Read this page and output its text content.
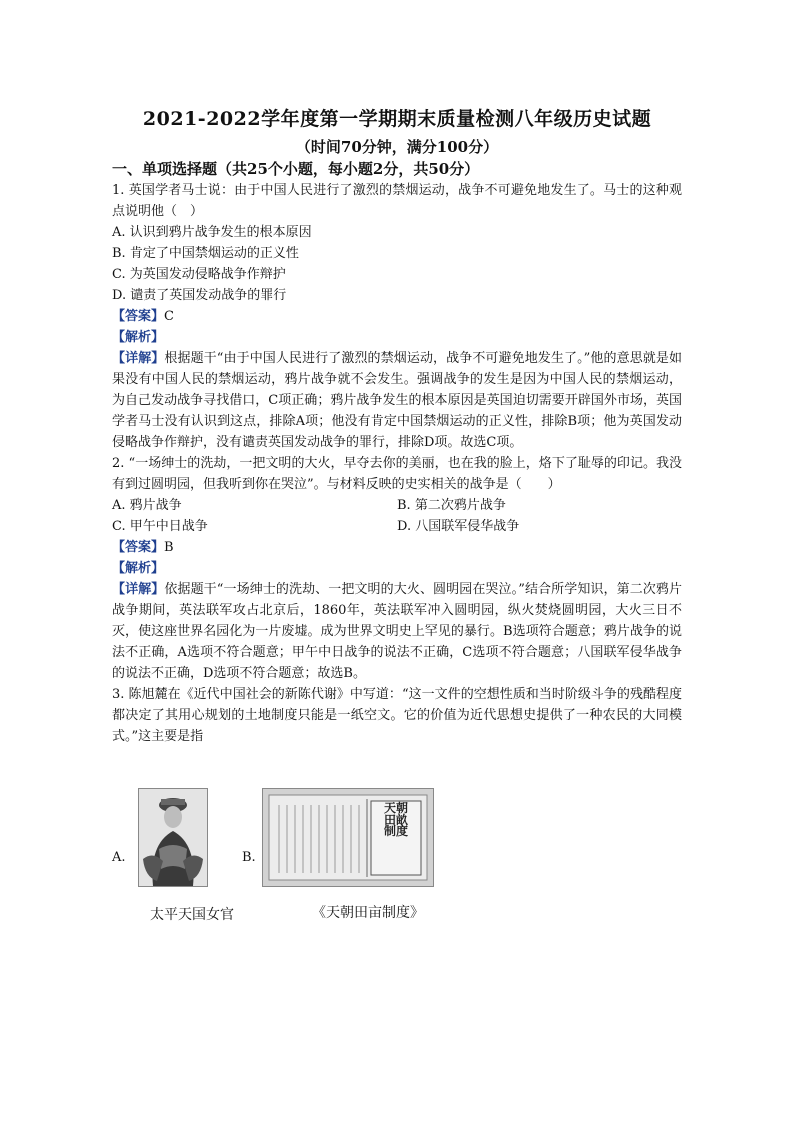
2021-2022学年度第一学期期末质量检测八年级历史试题
（时间70分钟，满分100分）
一、单项选择题（共25个小题，每小题2分，共50分）

1. 英国学者马士说：由于中国人民进行了激烈的禁烟运动，战争不可避免地发生了。马士的这种观点说明他（　）

A. 认识到鸦片战争发生的根本原因

B. 肯定了中国禁烟运动的正义性

C. 为英国发动侵略战争作辩护

D. 谴责了英国发动战争的罪行

【答案】C

【解析】

【详解】根据题干“由于中国人民进行了激烈的禁烟运动，战争不可避免地发生了。”他的意思就是如果没有中国人民的禁烟运动，鸦片战争就不会发生。强调战争的发生是因为中国人民的禁烟运动，为自己发动战争寻找借口，C项正确；鸦片战争发生的根本原因是英国迫切需要开辟国外市场，英国学者马士没有认识到这点，排除A项；他没有肯定中国禁烟运动的正义性，排除B项；他为英国发动侵略战争作辩护，没有谴责英国发动战争的罪行，排除D项。故选C项。

2. “一场绅士的洗劫，一把文明的大火，早夺去你的美丽，也在我的脸上，烙下了耻辱的印记。我没有到过圆明园，但我听到你在哭泣”。与材料反映的史实相关的战争是（　　）

A. 鸦片战争	B. 第二次鸦片战争

C. 甲午中日战争	D. 八国联军侵华战争

【答案】B

【解析】

【详解】依据题干“一场绅士的洗劫、一把文明的大火、圆明园在哭泣。”结合所学知识，第二次鸦片战争期间，英法联军攻占北京后，1860年，英法联军冲入圆明园，纵火焚烧圆明园，大火三日不灭，使这座世界名园化为一片废墟。成为世界文明史上罕见的暴行。B选项符合题意；鸦片战争的说法不正确，A选项不符合题意；甲午中日战争的说法不正确，C选项不符合题意；八国联军侵华战争的说法不正确，D选项不符合题意；故选B。

3. 陈旭麓在《近代中国社会的新陈代谢》中写道：“这一文件的空想性质和当时阶级斗争的残酷程度都决定了其用心规划的土地制度只能是一纸空文。它的价值为近代思想史提供了一种农民的大同模式。”这主要是指

A.	B.
天朝田畝制度
太平天国女官	《天朝田亩制度》
